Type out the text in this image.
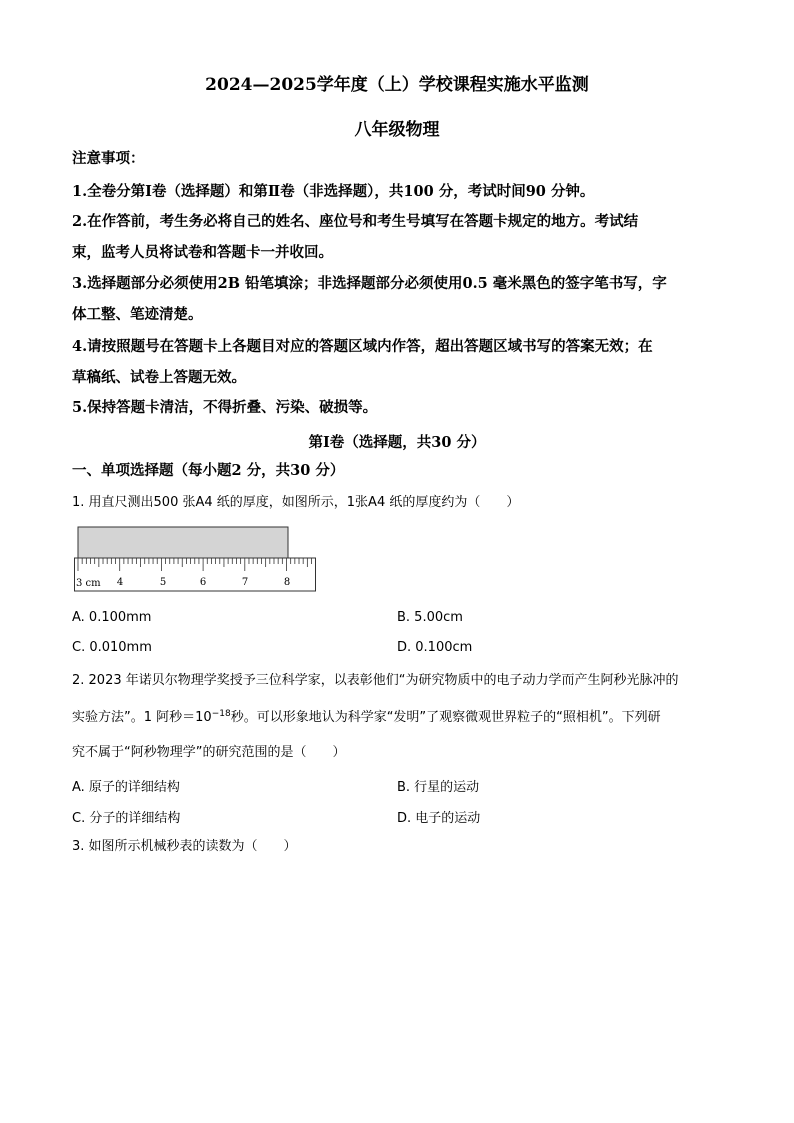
2024—2025学年度（上）学校课程实施水平监测
八年级物理
注意事项：
1.全卷分第Ⅰ卷（选择题）和第Ⅱ卷（非选择题），共100 分，考试时间90 分钟。
2.在作答前，考生务必将自己的姓名、座位号和考生号填写在答题卡规定的地方。考试结
束，监考人员将试卷和答题卡一并收回。
3.选择题部分必须使用2B 铅笔填涂；非选择题部分必须使用0.5 毫米黑色的签字笔书写，字
体工整、笔迹清楚。
4.请按照题号在答题卡上各题目对应的答题区域内作答，超出答题区域书写的答案无效；在
草稿纸、试卷上答题无效。
5.保持答题卡清洁，不得折叠、污染、破损等。
第Ⅰ卷（选择题，共30 分）
一、单项选择题（每小题2 分，共30 分）
1. 用直尺测出500 张A4 纸的厚度，如图所示，1张A4 纸的厚度约为（　　）
3 cm 4	5	6	7	8
A. 0.100mm	B. 5.00cm
C. 0.010mm	D. 0.100cm
2. 2023 年诺贝尔物理学奖授予三位科学家，以表彰他们“为研究物质中的电子动力学而产生阿秒光脉冲的
实验方法”。1 阿秒$=10^{-18}$秒。可以形象地认为科学家“发明”了观察微观世界粒子的“照相机”。下列研
究不属于“阿秒物理学”的研究范围的是（　　）
A. 原子的详细结构	B. 行星的运动
C. 分子的详细结构	D. 电子的运动
3. 如图所示机械秒表的读数为（　　）
